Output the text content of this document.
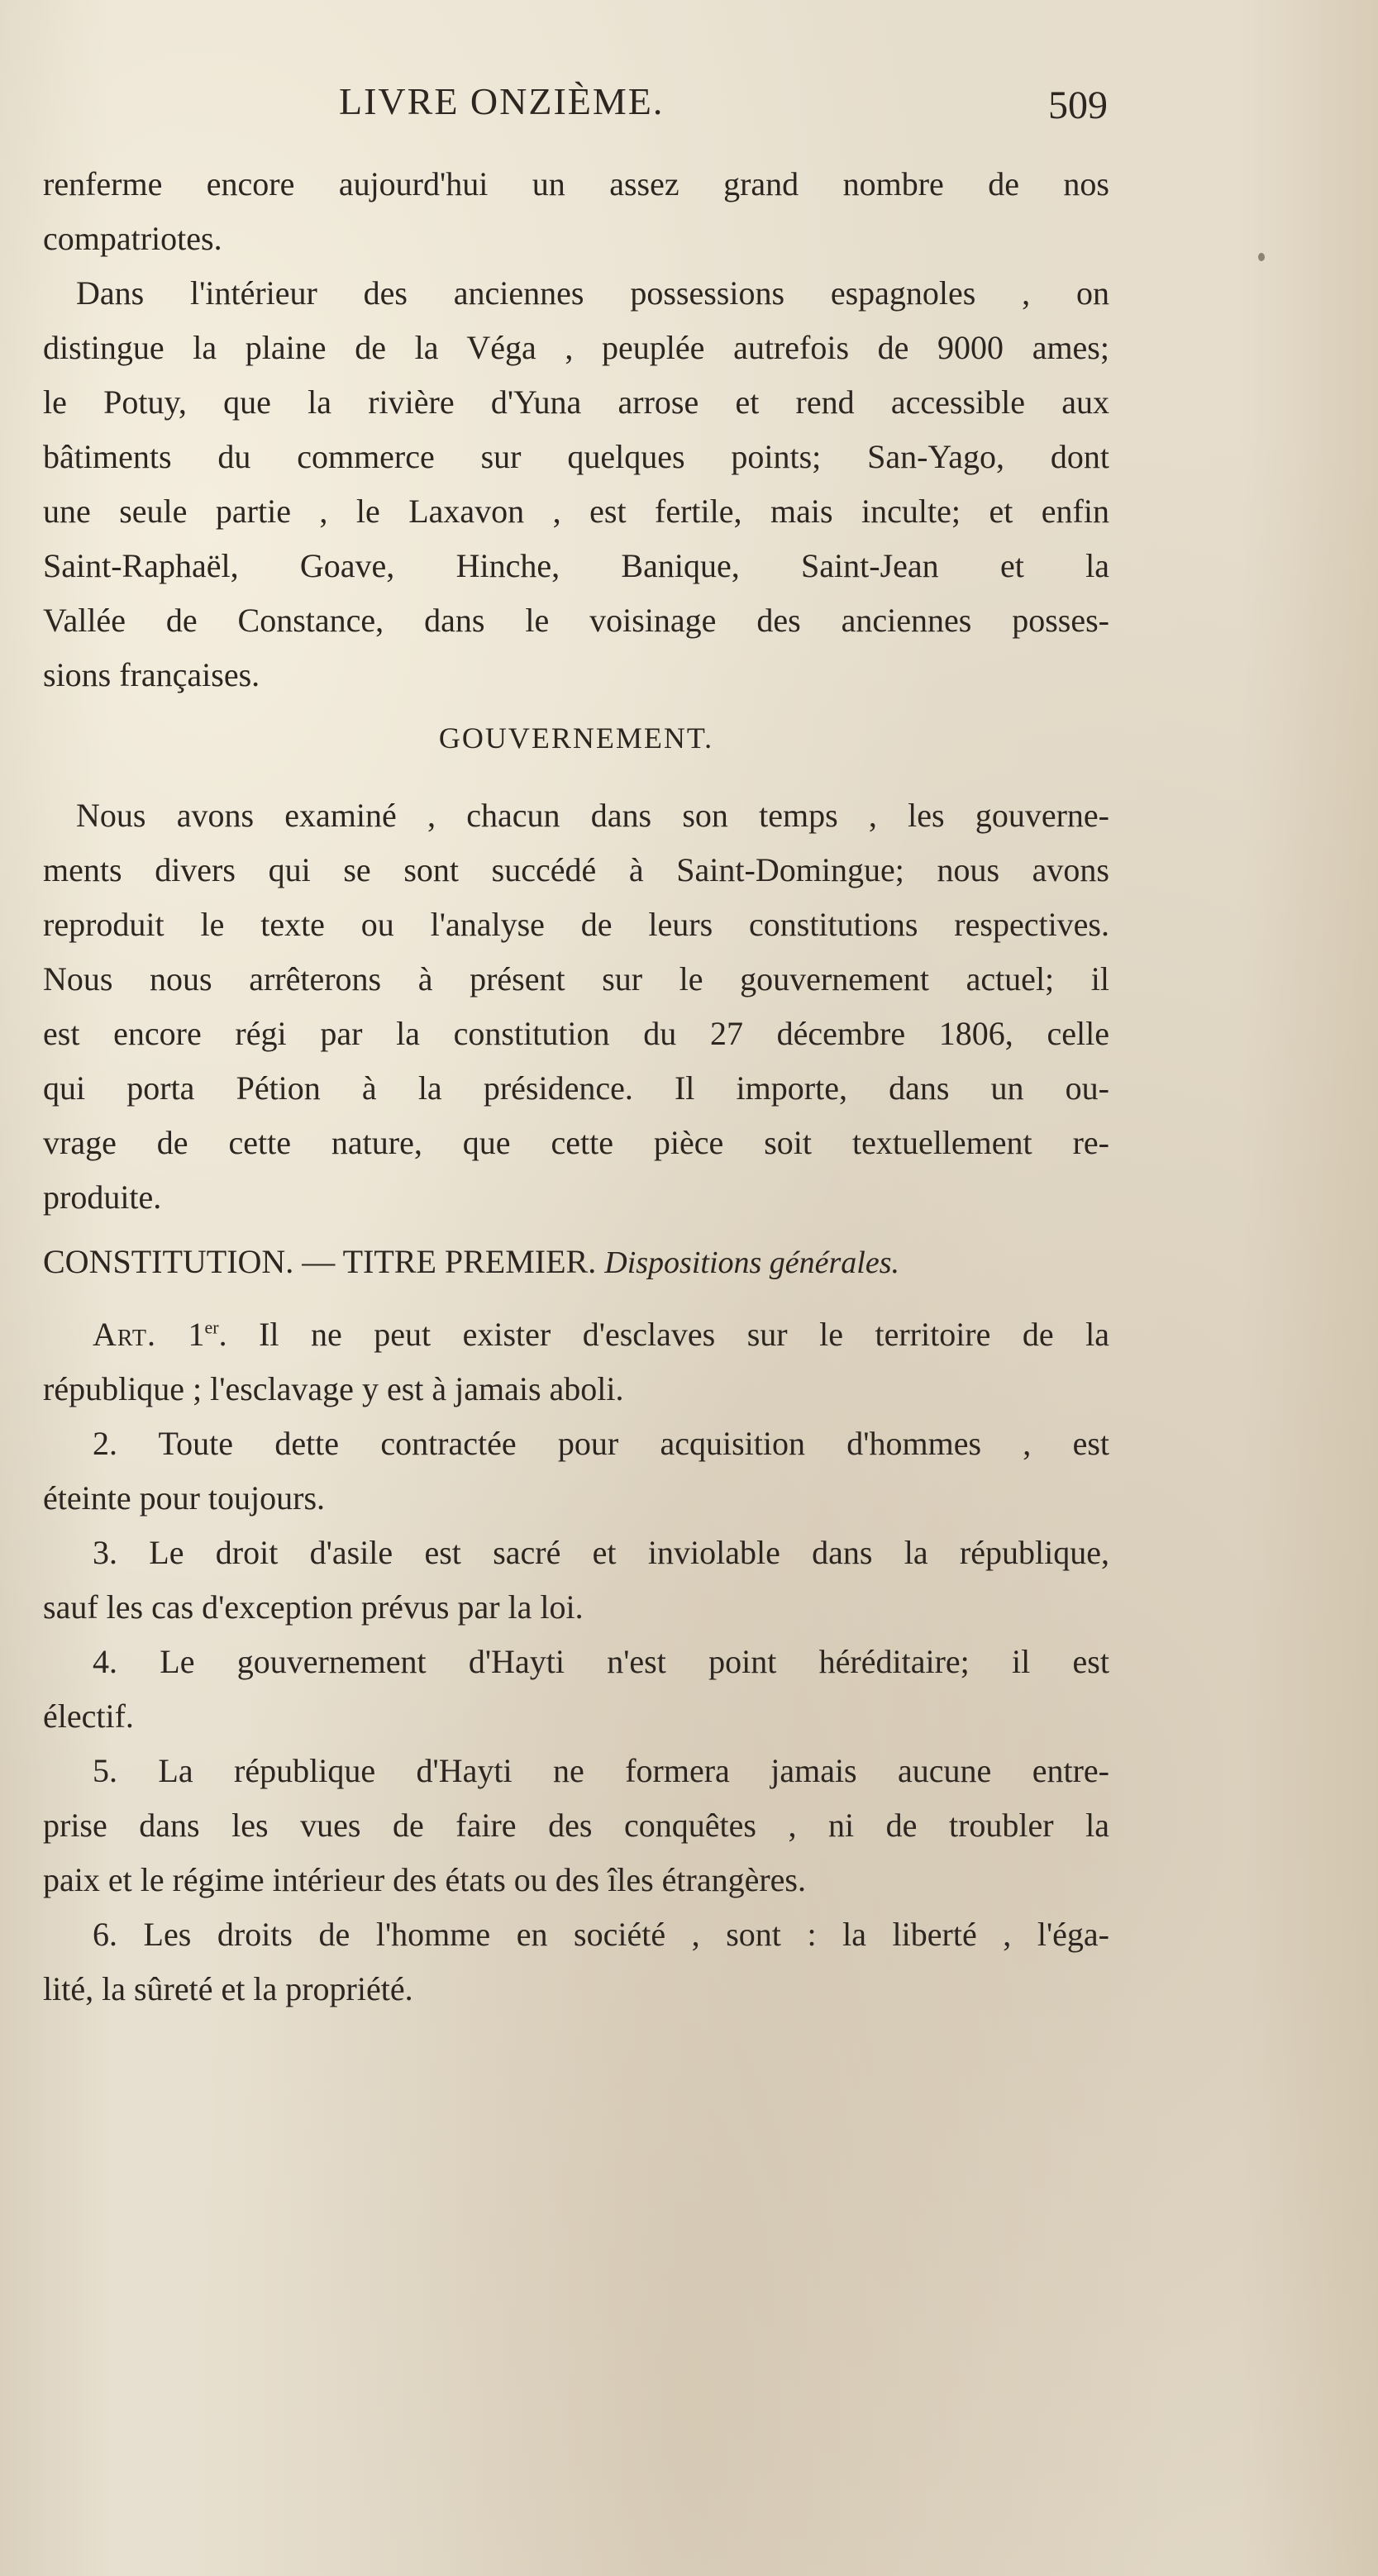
LIVRE ONZIÈME.	509
renferme encore aujourd'hui un assez grand nombre de nos
compatriotes.
Dans l'intérieur des anciennes possessions espagnoles , on
distingue la plaine de la Véga , peuplée autrefois de 9000 ames;
le Potuy, que la rivière d'Yuna arrose et rend accessible aux
bâtiments du commerce sur quelques points; San-Yago, dont
une seule partie , le Laxavon , est fertile, mais inculte; et enfin
Saint-Raphaël, Goave, Hinche, Banique, Saint-Jean et la
Vallée de Constance, dans le voisinage des anciennes posses-
sions françaises.
GOUVERNEMENT.
Nous avons examiné , chacun dans son temps , les gouverne-
ments divers qui se sont succédé à Saint-Domingue; nous avons
reproduit le texte ou l'analyse de leurs constitutions respectives.
Nous nous arrêterons à présent sur le gouvernement actuel; il
est encore régi par la constitution du 27 décembre 1806, celle
qui porta Pétion à la présidence. Il importe, dans un ou-
vrage de cette nature, que cette pièce soit textuellement re-
produite.
CONSTITUTION. — TITRE PREMIER. Dispositions générales.
Art. 1er. Il ne peut exister d'esclaves sur le territoire de la
république ; l'esclavage y est à jamais aboli.
2. Toute dette contractée pour acquisition d'hommes , est
éteinte pour toujours.
3. Le droit d'asile est sacré et inviolable dans la république,
sauf les cas d'exception prévus par la loi.
4. Le gouvernement d'Hayti n'est point héréditaire; il est
électif.
5. La république d'Hayti ne formera jamais aucune entre-
prise dans les vues de faire des conquêtes , ni de troubler la
paix et le régime intérieur des états ou des îles étrangères.
6. Les droits de l'homme en société , sont : la liberté , l'éga-
lité, la sûreté et la propriété.
